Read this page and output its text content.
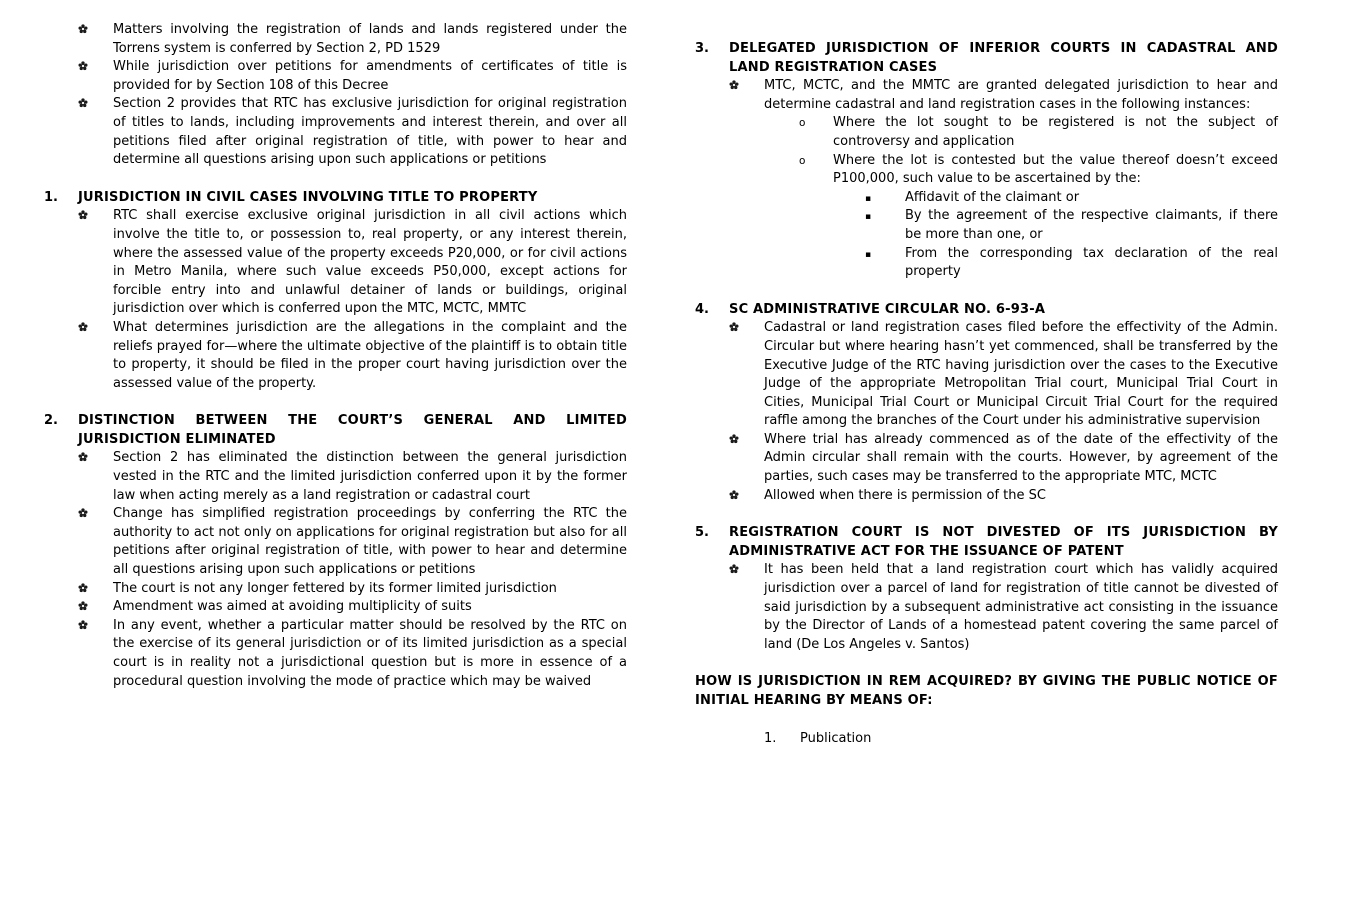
Matters involving the registration of lands and lands registered under the Torrens system is conferred by Section 2, PD 1529
While jurisdiction over petitions for amendments of certificates of title is provided for by Section 108 of this Decree
Section 2 provides that RTC has exclusive jurisdiction for original registration of titles to lands, including improvements and interest therein, and over all petitions filed after original registration of title, with power to hear and determine all questions arising upon such applications or petitions
1. JURISDICTION IN CIVIL CASES INVOLVING TITLE TO PROPERTY
RTC shall exercise exclusive original jurisdiction in all civil actions which involve the title to, or possession to, real property, or any interest therein, where the assessed value of the property exceeds P20,000, or for civil actions in Metro Manila, where such value exceeds P50,000, except actions for forcible entry into and unlawful detainer of lands or buildings, original jurisdiction over which is conferred upon the MTC, MCTC, MMTC
What determines jurisdiction are the allegations in the complaint and the reliefs prayed for—where the ultimate objective of the plaintiff is to obtain title to property, it should be filed in the proper court having jurisdiction over the assessed value of the property.
2. DISTINCTION BETWEEN THE COURT’S GENERAL AND LIMITED JURISDICTION ELIMINATED
Section 2 has eliminated the distinction between the general jurisdiction vested in the RTC and the limited jurisdiction conferred upon it by the former law when acting merely as a land registration or cadastral court
Change has simplified registration proceedings by conferring the RTC the authority to act not only on applications for original registration but also for all petitions after original registration of title, with power to hear and determine all questions arising upon such applications or petitions
The court is not any longer fettered by its former limited jurisdiction
Amendment was aimed at avoiding multiplicity of suits
In any event, whether a particular matter should be resolved by the RTC on the exercise of its general jurisdiction or of its limited jurisdiction as a special court is in reality not a jurisdictional question but is more in essence of a procedural question involving the mode of practice which may be waived
3. DELEGATED JURISDICTION OF INFERIOR COURTS IN CADASTRAL AND LAND REGISTRATION CASES
MTC, MCTC, and the MMTC are granted delegated jurisdiction to hear and determine cadastral and land registration cases in the following instances:
o Where the lot sought to be registered is not the subject of controversy and application
o Where the lot is contested but the value thereof doesn’t exceed P100,000, such value to be ascertained by the:
▪	Affidavit of the claimant or
▪	By the agreement of the respective claimants, if there be more than one, or
▪	From the corresponding tax declaration of the real property
4. SC ADMINISTRATIVE CIRCULAR NO. 6-93-A
Cadastral or land registration cases filed before the effectivity of the Admin. Circular but where hearing hasn’t yet commenced, shall be transferred by the Executive Judge of the RTC having jurisdiction over the cases to the Executive Judge of the appropriate Metropolitan Trial court, Municipal Trial Court in Cities, Municipal Trial Court or Municipal Circuit Trial Court for the required raffle among the branches of the Court under his administrative supervision
Where trial has already commenced as of the date of the effectivity of the Admin circular shall remain with the courts. However, by agreement of the parties, such cases may be transferred to the appropriate MTC, MCTC
Allowed when there is permission of the SC
5. REGISTRATION COURT IS NOT DIVESTED OF ITS JURISDICTION BY ADMINISTRATIVE ACT FOR THE ISSUANCE OF PATENT
It has been held that a land registration court which has validly acquired jurisdiction over a parcel of land for registration of title cannot be divested of said jurisdiction by a subsequent administrative act consisting in the issuance by the Director of Lands of a homestead patent covering the same parcel of land (De Los Angeles v. Santos)
HOW IS JURISDICTION IN REM ACQUIRED? BY GIVING THE PUBLIC NOTICE OF INITIAL HEARING BY MEANS OF:
1. Publication
